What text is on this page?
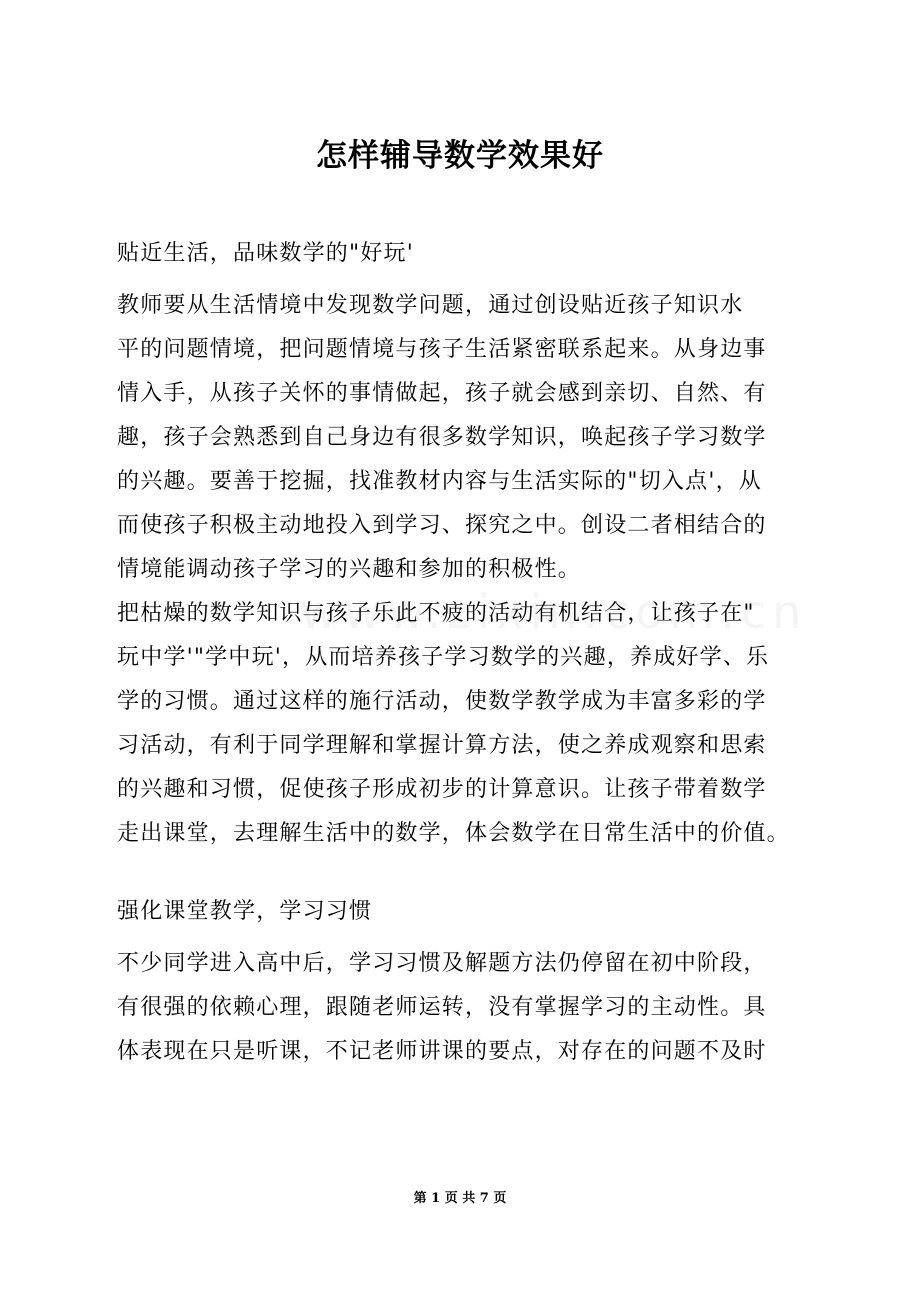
怎样辅导数学效果好
贴近生活，品味数学的"好玩'
教师要从生活情境中发现数学问题，通过创设贴近孩子知识水
平的问题情境，把问题情境与孩子生活紧密联系起来。从身边事
情入手，从孩子关怀的事情做起，孩子就会感到亲切、自然、有
趣，孩子会熟悉到自己身边有很多数学知识，唤起孩子学习数学
的兴趣。要善于挖掘，找准教材内容与生活实际的"切入点'，从
而使孩子积极主动地投入到学习、探究之中。创设二者相结合的
情境能调动孩子学习的兴趣和参加的积极性。
把枯燥的数学知识与孩子乐此不疲的活动有机结合，让孩子在"
玩中学'"学中玩'，从而培养孩子学习数学的兴趣，养成好学、乐
学的习惯。通过这样的施行活动，使数学教学成为丰富多彩的学
习活动，有利于同学理解和掌握计算方法，使之养成观察和思索
的兴趣和习惯，促使孩子形成初步的计算意识。让孩子带着数学
走出课堂，去理解生活中的数学，体会数学在日常生活中的价值。
强化课堂教学，学习习惯
不少同学进入高中后，学习习惯及解题方法仍停留在初中阶段，
有很强的依赖心理，跟随老师运转，没有掌握学习的主动性。具
体表现在只是听课，不记老师讲课的要点，对存在的问题不及时
第 1 页 共 7 页
